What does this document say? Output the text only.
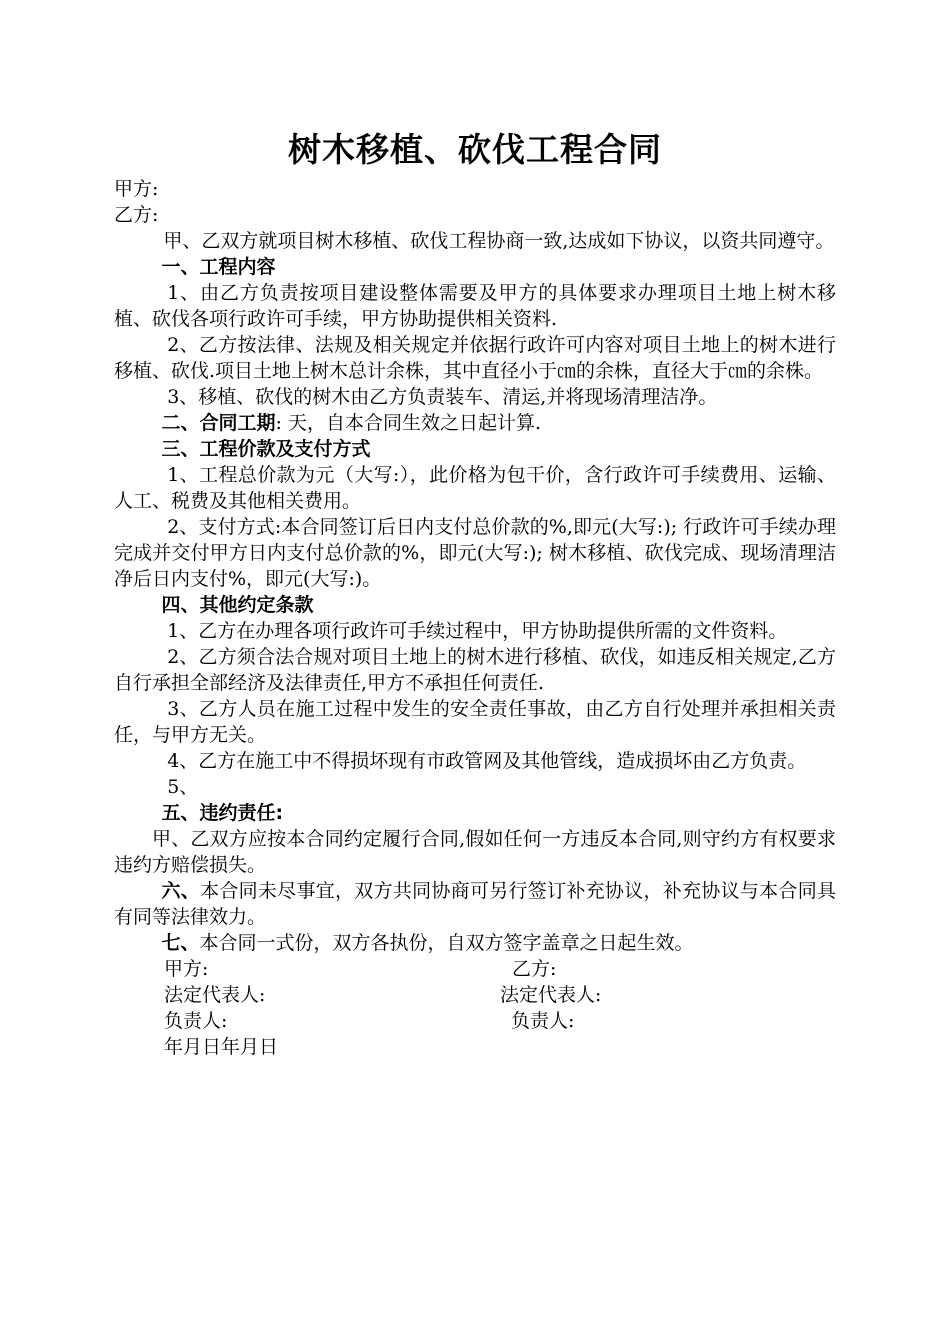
树木移植、砍伐工程合同

甲方:

乙方:

甲、乙双方就项目树木移植、砍伐工程协商一致,达成如下协议，以资共同遵守。

一、工程内容

1、由乙方负责按项目建设整体需要及甲方的具体要求办理项目土地上树木移植、砍伐各项行政许可手续，甲方协助提供相关资料.

2、乙方按法律、法规及相关规定并依据行政许可内容对项目土地上的树木进行移植、砍伐.项目土地上树木总计余株，其中直径小于㎝的余株，直径大于㎝的余株。

3、移植、砍伐的树木由乙方负责装车、清运,并将现场清理洁净。

二、合同工期: 天，自本合同生效之日起计算.

三、工程价款及支付方式

1、工程总价款为元（大写:），此价格为包干价，含行政许可手续费用、运输、人工、税费及其他相关费用。

2、支付方式:本合同签订后日内支付总价款的%,即元(大写:); 行政许可手续办理完成并交付甲方日内支付总价款的%，即元(大写:); 树木移植、砍伐完成、现场清理洁净后日内支付%，即元(大写:)。

四、其他约定条款

1、乙方在办理各项行政许可手续过程中，甲方协助提供所需的文件资料。

2、乙方须合法合规对项目土地上的树木进行移植、砍伐，如违反相关规定,乙方自行承担全部经济及法律责任,甲方不承担任何责任.

3、乙方人员在施工过程中发生的安全责任事故，由乙方自行处理并承担相关责任，与甲方无关。

4、乙方在施工中不得损坏现有市政管网及其他管线，造成损坏由乙方负责。

5、

五、违约责任:

甲、乙双方应按本合同约定履行合同,假如任何一方违反本合同,则守约方有权要求违约方赔偿损失。

六、本合同未尽事宜，双方共同协商可另行签订补充协议，补充协议与本合同具有同等法律效力。

七、本合同一式份，双方各执份，自双方签字盖章之日起生效。

甲方:	乙方:
法定代表人:	法定代表人:
负责人:	负责人:
年月日年月日
